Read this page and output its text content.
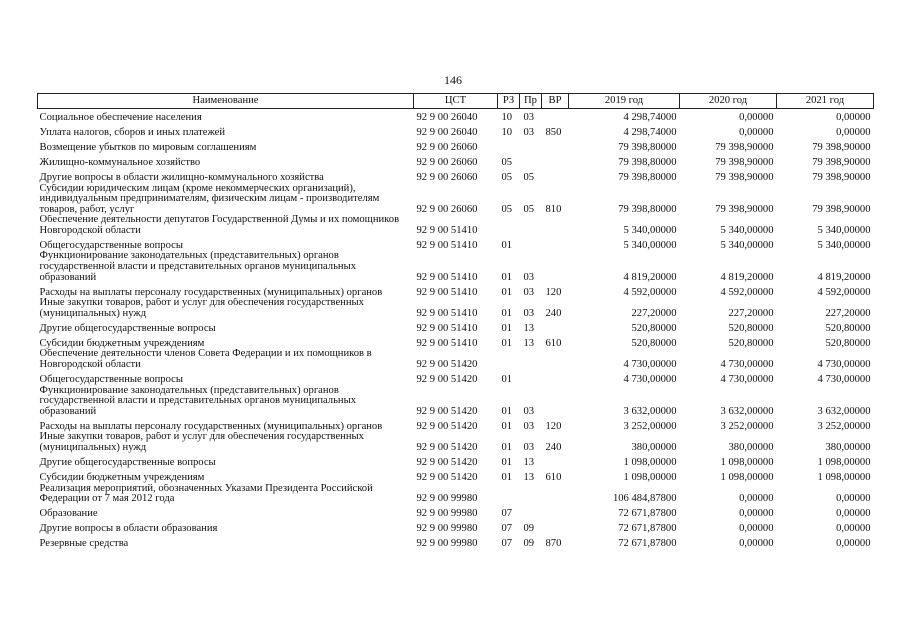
146
Наименование	ЦСТ	РЗ	Пр	ВР	2019 год	2020 год	2021 год
Социальное обеспечение населения	92 9 00 26040	10	03		4 298,74000	0,00000	0,00000
Уплата налогов, сборов и иных платежей	92 9 00 26040	10	03	850	4 298,74000	0,00000	0,00000
Возмещение убытков по мировым соглашениям	92 9 00 26060				79 398,80000	79 398,90000	79 398,90000
Жилищно-коммунальное хозяйство	92 9 00 26060	05			79 398,80000	79 398,90000	79 398,90000
Другие вопросы в области жилищно-коммунального хозяйства	92 9 00 26060	05	05		79 398,80000	79 398,90000	79 398,90000
Субсидии юридическим лицам (кроме некоммерческих организаций), индивидуальным предпринимателям, физическим лицам - производителям товаров, работ, услуг	92 9 00 26060	05	05	810	79 398,80000	79 398,90000	79 398,90000
Обеспечение деятельности депутатов Государственной Думы и их помощников Новгородской области	92 9 00 51410				5 340,00000	5 340,00000	5 340,00000
Общегосударственные вопросы	92 9 00 51410	01			5 340,00000	5 340,00000	5 340,00000
Функционирование законодательных (представительных) органов государственной власти и представительных органов муниципальных образований	92 9 00 51410	01	03		4 819,20000	4 819,20000	4 819,20000
Расходы на выплаты персоналу государственных (муниципальных) органов	92 9 00 51410	01	03	120	4 592,00000	4 592,00000	4 592,00000
Иные закупки товаров, работ и услуг для обеспечения государственных (муниципальных) нужд	92 9 00 51410	01	03	240	227,20000	227,20000	227,20000
Другие общегосударственные вопросы	92 9 00 51410	01	13		520,80000	520,80000	520,80000
Субсидии бюджетным учреждениям	92 9 00 51410	01	13	610	520,80000	520,80000	520,80000
Обеспечение деятельности членов Совета Федерации и их помощников в Новгородской области	92 9 00 51420				4 730,00000	4 730,00000	4 730,00000
Общегосударственные вопросы	92 9 00 51420	01			4 730,00000	4 730,00000	4 730,00000
Функционирование законодательных (представительных) органов государственной власти и представительных органов муниципальных образований	92 9 00 51420	01	03		3 632,00000	3 632,00000	3 632,00000
Расходы на выплаты персоналу государственных (муниципальных) органов	92 9 00 51420	01	03	120	3 252,00000	3 252,00000	3 252,00000
Иные закупки товаров, работ и услуг для обеспечения государственных (муниципальных) нужд	92 9 00 51420	01	03	240	380,00000	380,00000	380,00000
Другие общегосударственные вопросы	92 9 00 51420	01	13		1 098,00000	1 098,00000	1 098,00000
Субсидии бюджетным учреждениям	92 9 00 51420	01	13	610	1 098,00000	1 098,00000	1 098,00000
Реализация мероприятий, обозначенных Указами Президента Российской Федерации от 7 мая 2012 года	92 9 00 99980				106 484,87800	0,00000	0,00000
Образование	92 9 00 99980	07			72 671,87800	0,00000	0,00000
Другие вопросы в области образования	92 9 00 99980	07	09		72 671,87800	0,00000	0,00000
Резервные средства	92 9 00 99980	07	09	870	72 671,87800	0,00000	0,00000
